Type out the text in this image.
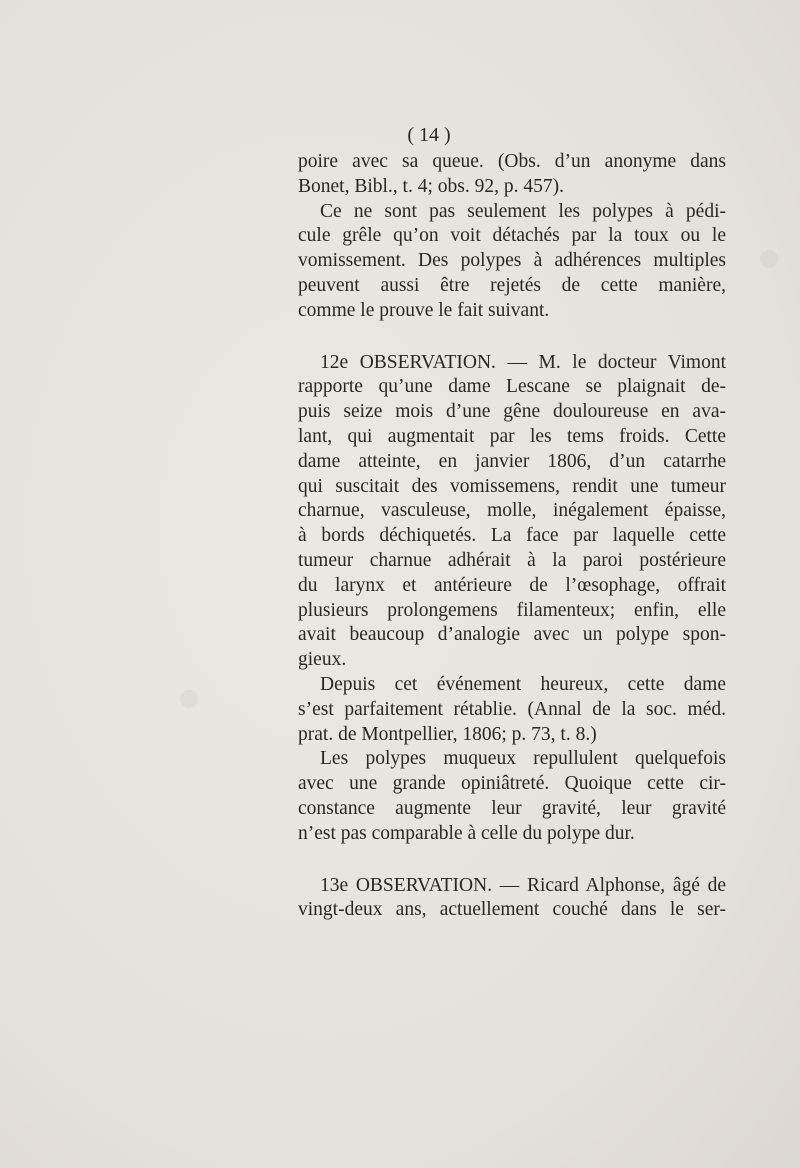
( 14 )
poire avec sa queue. (Obs. d’un anonyme dans
Bonet, Bibl., t. 4; obs. 92, p. 457).
Ce ne sont pas seulement les polypes à pédi-
cule grêle qu’on voit détachés par la toux ou le
vomissement. Des polypes à adhérences multiples
peuvent aussi être rejetés de cette manière,
comme le prouve le fait suivant.
12e OBSERVATION. — M. le docteur Vimont
rapporte qu’une dame Lescane se plaignait de-
puis seize mois d’une gêne douloureuse en ava-
lant, qui augmentait par les tems froids. Cette
dame atteinte, en janvier 1806, d’un catarrhe
qui suscitait des vomissemens, rendit une tumeur
charnue, vasculeuse, molle, inégalement épaisse,
à bords déchiquetés. La face par laquelle cette
tumeur charnue adhérait à la paroi postérieure
du larynx et antérieure de l’œsophage, offrait
plusieurs prolongemens filamenteux; enfin, elle
avait beaucoup d’analogie avec un polype spon-
gieux.
Depuis cet événement heureux, cette dame
s’est parfaitement rétablie. (Annal de la soc. méd.
prat. de Montpellier, 1806; p. 73, t. 8.)
Les polypes muqueux repullulent quelquefois
avec une grande opiniâtreté. Quoique cette cir-
constance augmente leur gravité, leur gravité
n’est pas comparable à celle du polype dur.
13e OBSERVATION. — Ricard Alphonse, âgé de
vingt-deux ans, actuellement couché dans le ser-
